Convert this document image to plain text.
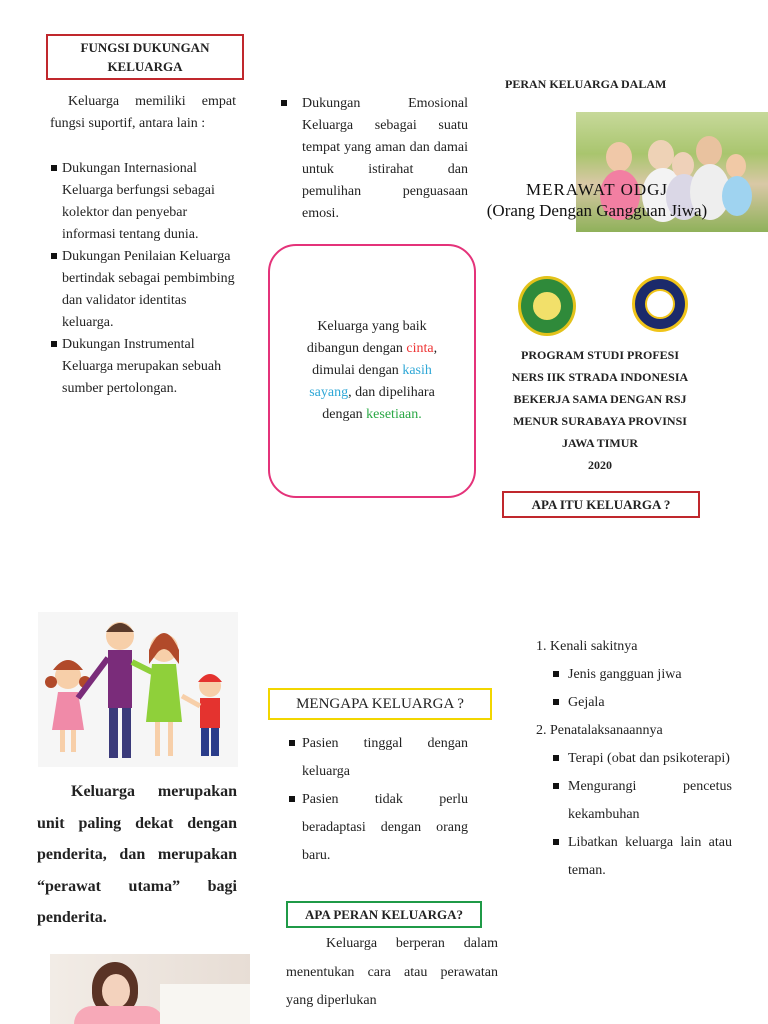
FUNGSI DUKUNGAN KELUARGA

Keluarga memiliki empat fungsi suportif, antara lain :

Dukungan Internasional Keluarga berfungsi sebagai kolektor dan penyebar informasi tentang dunia.
Dukungan Penilaian Keluarga bertindak sebagai pembimbing dan validator identitas keluarga.
Dukungan Instrumental Keluarga merupakan sebuah sumber pertolongan.
Dukungan Emosional Keluarga sebagai suatu tempat yang aman dan damai untuk istirahat dan pemulihan penguasaan emosi.

Keluarga yang baik dibangun dengan cinta, dimulai dengan kasih sayang, dan dipelihara dengan kesetiaan.

PERAN KELUARGA DALAM
MERAWAT ODGJ
(Orang Dengan Gangguan Jiwa)
PROGRAM STUDI PROFESI
NERS IIK STRADA INDONESIA
BEKERJA SAMA DENGAN RSJ
MENUR SURABAYA PROVINSI
JAWA TIMUR
2020
APA ITU KELUARGA ?

Keluarga merupakan unit paling dekat dengan penderita, dan merupakan “perawat utama” bagi penderita.

MENGAPA KELUARGA ?
Pasien tinggal dengan keluarga
Pasien tidak perlu beradaptasi dengan orang baru.
APA PERAN KELUARGA?

Keluarga berperan dalam menentukan cara atau perawatan yang diperlukan

1. Kenali sakitnya
Jenis gangguan jiwa
Gejala
2. Penatalaksanaannya
Terapi (obat dan psikoterapi)
Mengurangi pencetus kekambuhan
Libatkan keluarga lain atau teman.
